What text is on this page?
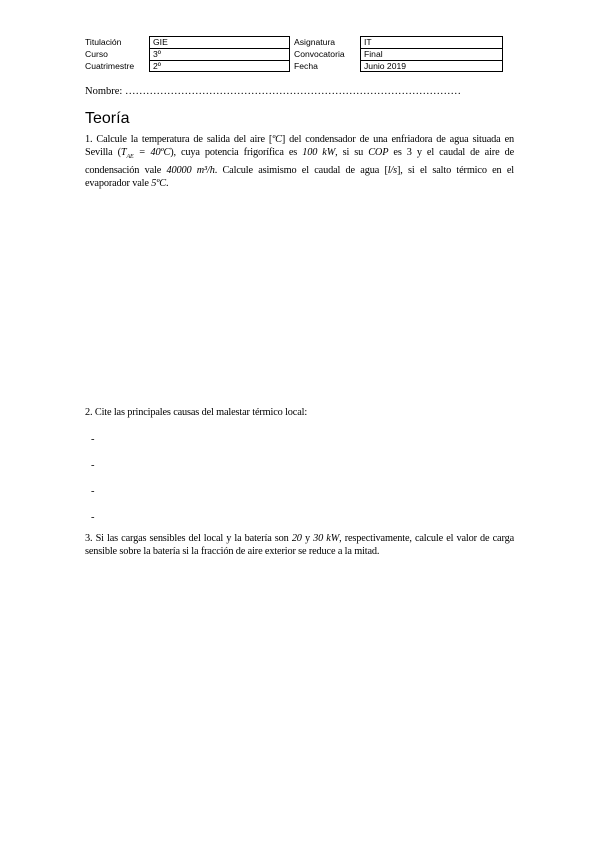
Titulación	GIE	Asignatura	IT
Curso	3º	Convocatoria	Final
Cuatrimestre	2º	Fecha	Junio 2019
Nombre: ……………………………………………………………………………………
Teoría
1. Calcule la temperatura de salida del aire [ºC] del condensador de una enfriadora de agua situada en Sevilla ($T_{AE}$ = 40ºC), cuya potencia frigorífica es 100 kW, si su COP es 3 y el caudal de aire de condensación vale 40000 m³/h. Calcule asimismo el caudal de agua [l/s], si el salto térmico en el evaporador vale 5ºC.
2. Cite las principales causas del malestar térmico local:
-
-
-
-
3. Si las cargas sensibles del local y la batería son 20 y 30 kW, respectivamente, calcule el valor de carga sensible sobre la batería si la fracción de aire exterior se reduce a la mitad.
